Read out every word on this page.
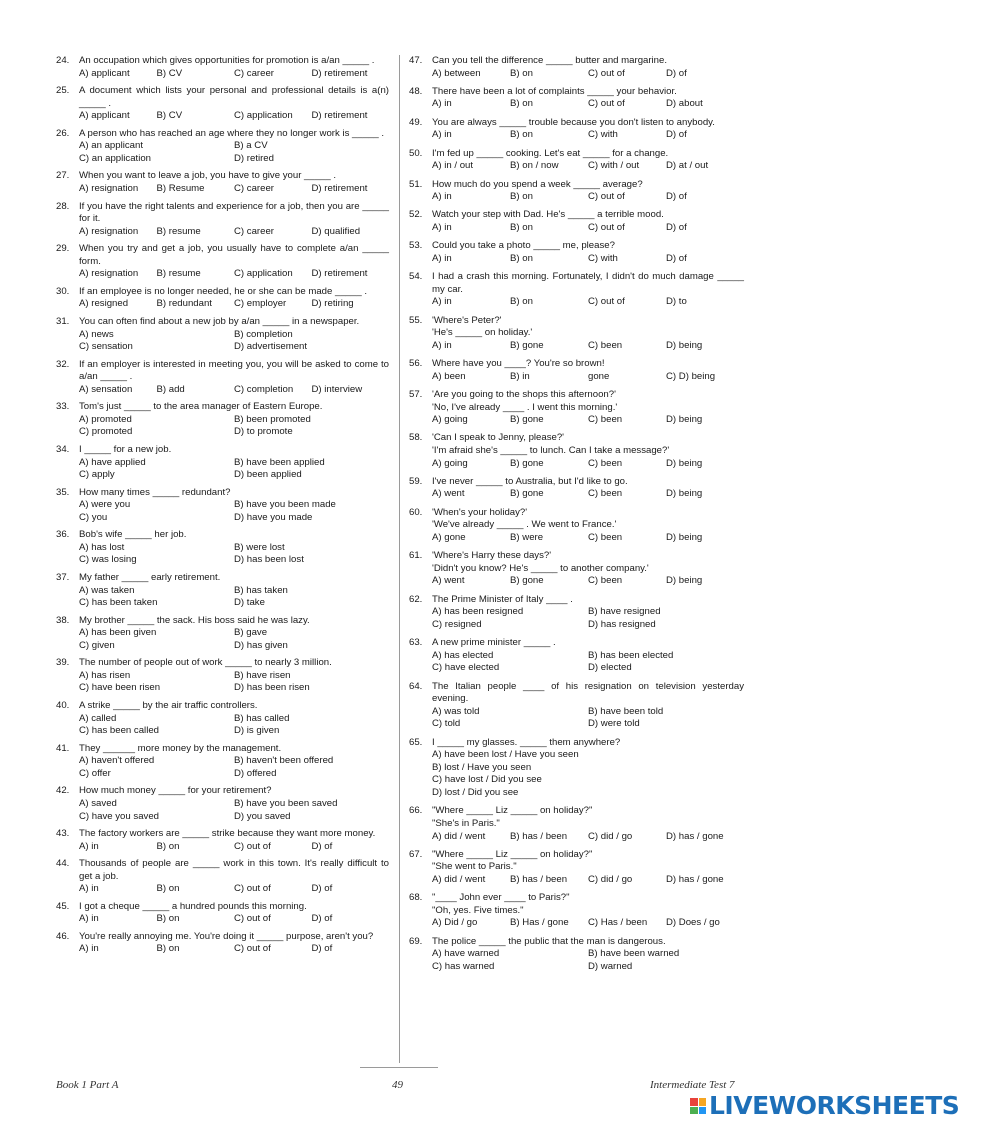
24.	An occupation which gives opportunities for promotion is a/an _____ .
A) applicant	B) CV	C) career	D) retirement
25.	A document which lists your personal and professional details is a(n) _____ .
A) applicant	B) CV	C) application	D) retirement
26.	A person who has reached an age where they no longer work is _____ .
A) an applicant	B) a CV
C) an application	D) retired
27.	When you want to leave a job, you have to give your _____ .
A) resignation	B) Resume	C) career	D) retirement
28.	If you have the right talents and experience for a job, then you are _____ for it.
A) resignation	B) resume	C) career	D) qualified
29.	When you try and get a job, you usually have to complete a/an _____ form.
A) resignation	B) resume	C) application	D) retirement
30.	If an employee is no longer needed, he or she can be made _____ .
A) resigned	B) redundant	C) employer	D) retiring
31.	You can often find about a new job by a/an _____ in a newspaper.
A) news	B) completion
C) sensation	D) advertisement
32.	If an employer is interested in meeting you, you will be asked to come to a/an _____ .
A) sensation	B) add	C) completion	D) interview
33.	Tom's just _____ to the area manager of Eastern Europe.
A) promoted	B) been promoted
C) promoted	D) to promote
34.	I _____ for a new job.
A) have applied	B) have been applied
C) apply	D) been applied
35.	How many times _____ redundant?
A) were you	B) have you been made
C) you	D) have you made
36.	Bob's wife _____ her job.
A) has lost	B) were lost
C) was losing	D) has been lost
37.	My father _____ early retirement.
A) was taken	B) has taken
C) has been taken	D) take
38.	My brother _____ the sack. His boss said he was lazy.
A) has been given	B) gave
C) given	D) has given
39.	The number of people out of work _____ to nearly 3 million.
A) has risen	B) have risen
C) have been risen	D) has been risen
40.	A strike _____ by the air traffic controllers.
A) called	B) has called
C) has been called	D) is given
41.	They ______ more money by the management.
A) haven't offered	B) haven't been offered
C) offer	D) offered
42.	How much money _____ for your retirement?
A) saved	B) have you been saved
C) have you saved	D) you saved
43.	The factory workers are _____ strike because they want more money.
A) in	B) on	C) out of	D) of
44.	Thousands of people are _____ work in this town. It's really difficult to get a job.
A) in	B) on	C) out of	D) of
45.	I got a cheque _____ a hundred pounds this morning.
A) in	B) on	C) out of	D) of
46.	You're really annoying me. You're doing it _____ purpose, aren't you?
A) in	B) on	C) out of	D) of
47.	Can you tell the difference _____ butter and margarine.
A) between	B) on	C) out of	D) of
48.	There have been a lot of complaints _____ your behavior.
A) in	B) on	C) out of	D) about
49.	You are always _____ trouble because you don't listen to anybody.
A) in	B) on	C) with	D) of
50.	I'm fed up _____ cooking. Let's eat _____ for a change.
A) in / out	B) on / now	C) with / out	D) at / out
51.	How much do you spend a week _____ average?
A) in	B) on	C) out of	D) of
52.	Watch your step with Dad. He's _____ a terrible mood.
A) in	B) on	C) out of	D) of
53.	Could you take a photo _____ me, please?
A) in	B) on	C) with	D) of
54.	I had a crash this morning. Fortunately, I didn't do much damage _____ my car.
A) in	B) on	C) out of	D) to
55.	'Where's Peter?'
'He's _____ on holiday.'
A) in	B) gone	C) been	D) being
56.	Where have you ____? You're so brown!
A) been	B) in	gone	C) D) being
57.	'Are you going to the shops this afternoon?'
'No, I've already ____ . I went this morning.'
A) going	B) gone	C) been	D) being
58.	'Can I speak to Jenny, please?'
'I'm afraid she's _____ to lunch. Can I take a message?'
A) going	B) gone	C) been	D) being
59.	I've never _____ to Australia, but I'd like to go.
A) went	B) gone	C) been	D) being
60.	'When's your holiday?'
'We've already _____ . We went to France.'
A) gone	B) were	C) been	D) being
61.	'Where's Harry these days?'
'Didn't you know? He's _____ to another company.'
A) went	B) gone	C) been	D) being
62.	The Prime Minister of Italy ____ .
A) has been resigned	B) have resigned
C) resigned	D) has resigned
63.	A new prime minister _____ .
A) has elected	B) has been elected
C) have elected	D) elected
64.	The Italian people ____ of his resignation on television yesterday evening.
A) was told	B) have been told
C) told	D) were told
65.	I _____ my glasses. _____ them anywhere?
A) have been lost / Have you seen
B) lost / Have you seen
C) have lost / Did you see
D) lost / Did you see
66.	"Where _____ Liz _____ on holiday?"
"She's in Paris."
A) did / went	B) has / been	C) did / go	D) has / gone
67.	"Where _____ Liz _____ on holiday?"
"She went to Paris."
A) did / went	B) has / been	C) did / go	D) has / gone
68.	"____ John ever ____ to Paris?"
"Oh, yes. Five times."
A) Did / go	B) Has / gone	C) Has / been	D) Does / go
69.	The police _____ the public that the man is dangerous.
A) have warned	B) have been warned
C) has warned	D) warned
Book 1 Part A	49	Intermediate Test 7
LIVEWORKSHEETS
